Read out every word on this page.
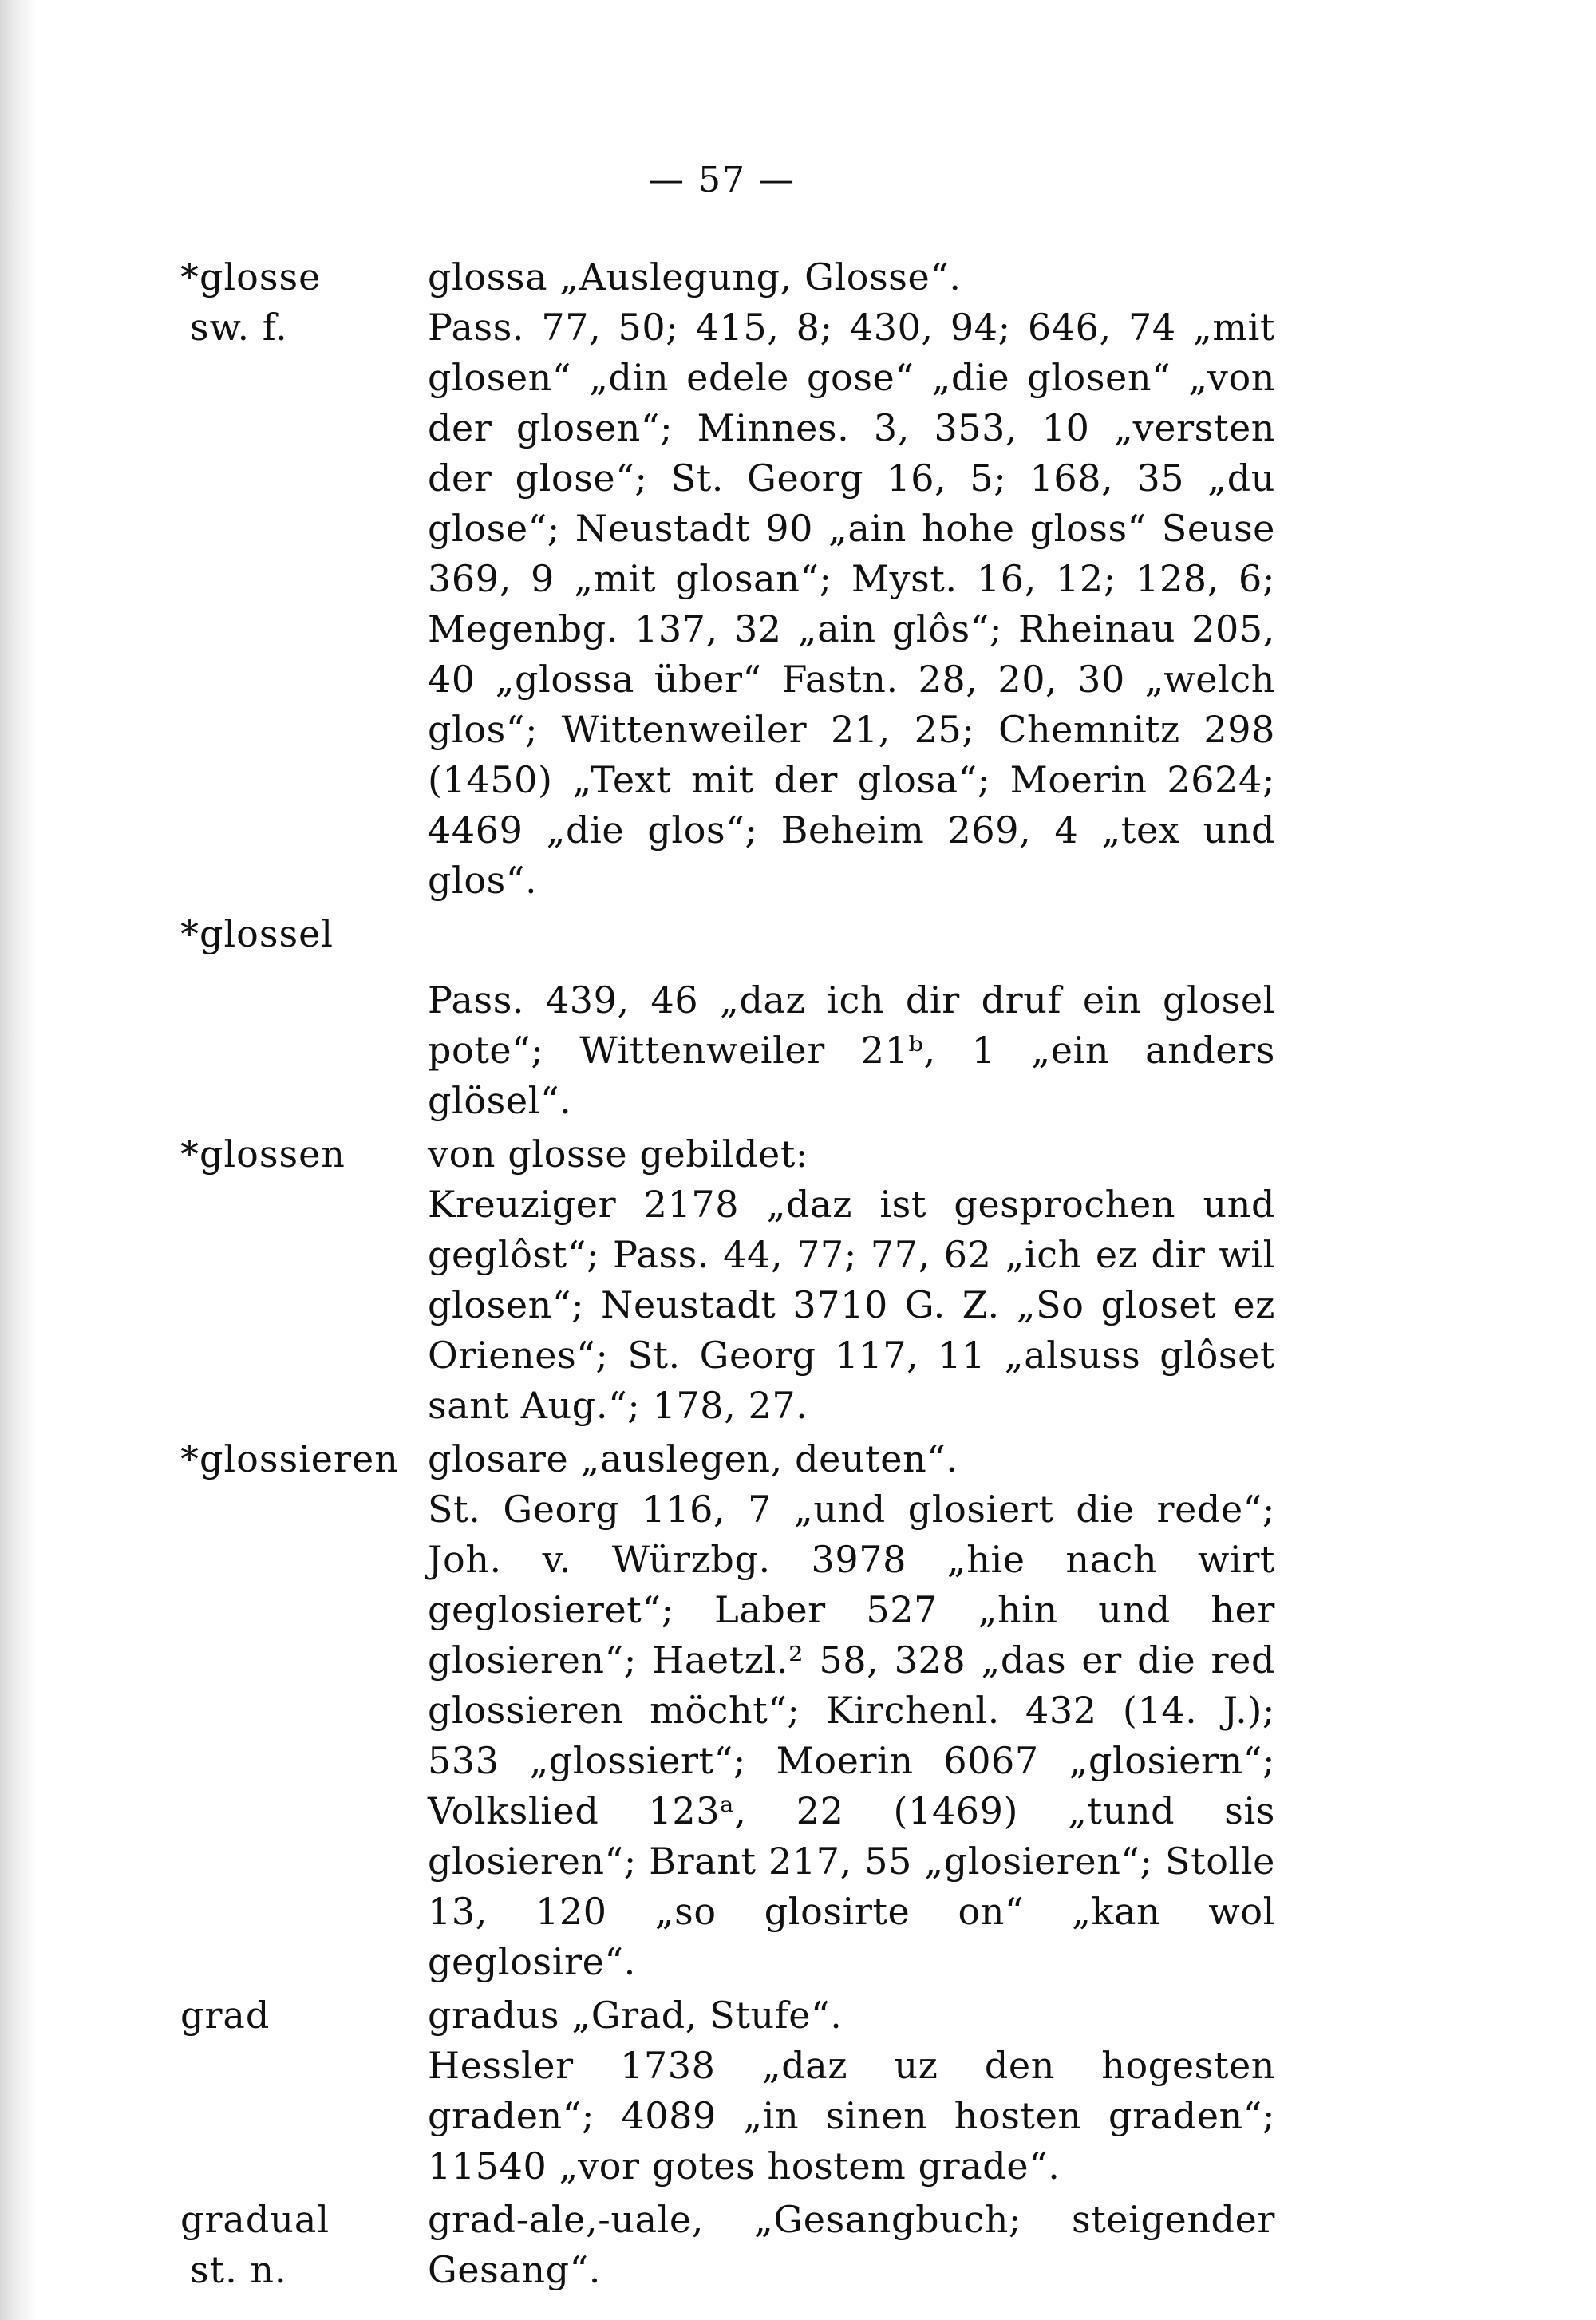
— 57 —
*glosse
sw. f.
glossa „Auslegung, Glosse“.
Pass. 77, 50; 415, 8; 430, 94; 646, 74 „mit glosen“ „din edele gose“ „die glosen“ „von der glosen“; Minnes. 3, 353, 10 „versten der glose“; St. Georg 16, 5; 168, 35 „du glose“; Neustadt 90 „ain hohe gloss“ Seuse 369, 9 „mit glosan“; Myst. 16, 12; 128, 6; Megenbg. 137, 32 „ain glôs“; Rheinau 205, 40 „glossa über“ Fastn. 28, 20, 30 „welch glos“; Wittenweiler 21, 25; Chemnitz 298 (1450) „Text mit der glosa“; Moerin 2624; 4469 „die glos“; Beheim 269, 4 „tex und glos“.
*glossel
Pass. 439, 46 „daz ich dir druf ein glosel pote“; Wittenweiler 21ᵇ, 1 „ein anders glösel“.
*glossen	von glosse gebildet:
Kreuziger 2178 „daz ist gesprochen und geglôst“; Pass. 44, 77; 77, 62 „ich ez dir wil glosen“; Neustadt 3710 G. Z. „So gloset ez Orienes“; St. Georg 117, 11 „alsuss glôset sant Aug.“; 178, 27.
*glossieren glosare „auslegen, deuten“.
St. Georg 116, 7 „und glosiert die rede“; Joh. v. Würzbg. 3978 „hie nach wirt geglosieret“; Laber 527 „hin und her glosieren“; Haetzl.² 58, 328 „das er die red glossieren möcht“; Kirchenl. 432 (14. J.); 533 „glossiert“; Moerin 6067 „glosiern“; Volkslied 123ᵃ, 22 (1469) „tund sis glosieren“; Brant 217, 55 „glosieren“; Stolle 13, 120 „so glosirte on“ „kan wol geglosire“.
grad	gradus „Grad, Stufe“.
Hessler 1738 „daz uz den hogesten graden“; 4089 „in sinen hosten graden“; 11540 „vor gotes hostem grade“.
gradual
st. n.
grad-ale,-uale, „Gesangbuch; steigender Gesang“.
